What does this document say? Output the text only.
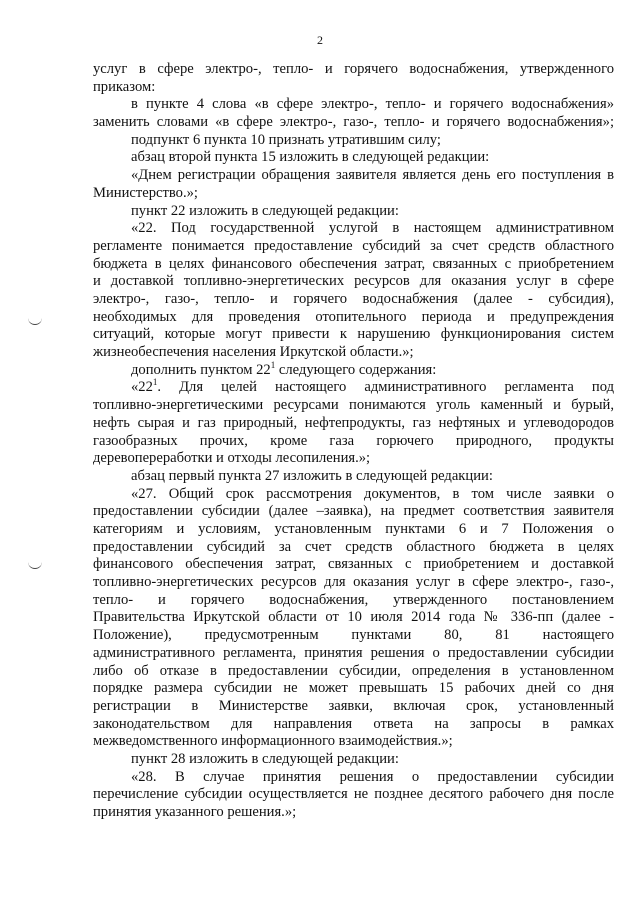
2
услуг в сфере электро-, тепло- и горячего водоснабжения, утвержденного
приказом:
в пункте 4 слова «в сфере электро-, тепло- и горячего водоснабжения»
заменить словами «в сфере электро-, газо-, тепло- и горячего водоснабжения»;
подпункт 6 пункта 10 признать утратившим силу;
абзац второй пункта 15 изложить в следующей редакции:
«Днем регистрации обращения заявителя является день его поступления в
Министерство.»;
пункт 22 изложить в следующей редакции:
«22. Под государственной услугой в настоящем административном
регламенте понимается предоставление субсидий за счет средств областного
бюджета в целях финансового обеспечения затрат, связанных с приобретением
и доставкой топливно-энергетических ресурсов для оказания услуг в сфере
электро-, газо-, тепло- и горячего водоснабжения (далее - субсидия),
необходимых для проведения отопительного периода и предупреждения
ситуаций, которые могут привести к нарушению функционирования систем
жизнеобеспечения населения Иркутской области.»;
дополнить пунктом $22^1$ следующего содержания:
«$22^1$. Для целей настоящего административного регламента под
топливно-энергетическими ресурсами понимаются уголь каменный и бурый,
нефть сырая и газ природный, нефтепродукты, газ нефтяных и углеводородов
газообразных прочих, кроме газа горючего природного, продукты
деревопереработки и отходы лесопиления.»;
абзац первый пункта 27 изложить в следующей редакции:
«27. Общий срок рассмотрения документов, в том числе заявки о
предоставлении субсидии (далее –заявка), на предмет соответствия заявителя
категориям и условиям, установленным пунктами 6 и 7 Положения о
предоставлении субсидий за счет средств областного бюджета в целях
финансового обеспечения затрат, связанных с приобретением и доставкой
топливно-энергетических ресурсов для оказания услуг в сфере электро-, газо-,
тепло- и горячего водоснабжения, утвержденного постановлением
Правительства Иркутской области от 10 июля 2014 года № 336-пп (далее -
Положение), предусмотренным пунктами 80, 81 настоящего
административного регламента, принятия решения о предоставлении субсидии
либо об отказе в предоставлении субсидии, определения в установленном
порядке размера субсидии не может превышать 15 рабочих дней со дня
регистрации в Министерстве заявки, включая срок, установленный
законодательством для направления ответа на запросы в рамках
межведомственного информационного взаимодействия.»;
пункт 28 изложить в следующей редакции:
«28. В случае принятия решения о предоставлении субсидии
перечисление субсидии осуществляется не позднее десятого рабочего дня после
принятия указанного решения.»;
